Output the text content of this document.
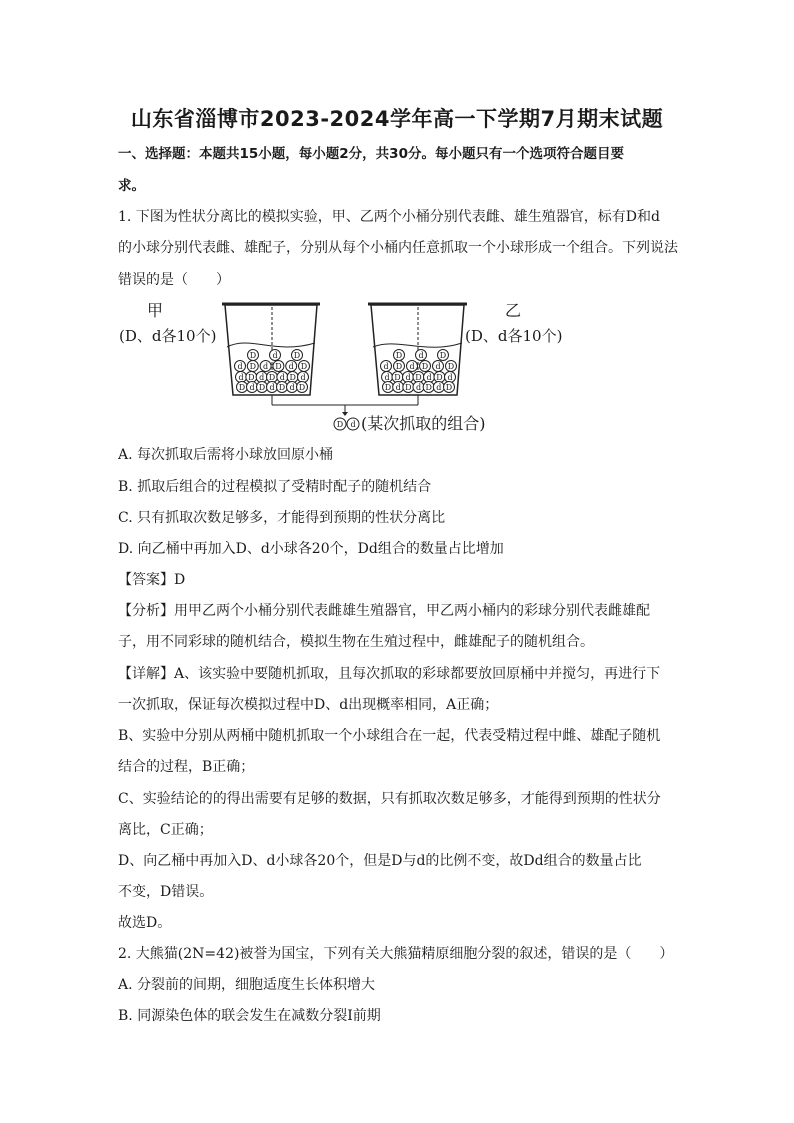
山东省淄博市2023-2024学年高一下学期7月期末试题
一、选择题：本题共15小题，每小题2分，共30分。每小题只有一个选项符合题目要
求。
1. 下图为性状分离比的模拟实验，甲、乙两个小桶分别代表雌、雄生殖器官，标有D和d
的小球分别代表雌、雄配子，分别从每个小桶内任意抓取一个小球形成一个组合。下列说法
错误的是（　　）
D d D
d D d D d D
d D d D d D d
D d D d D d D
D d D
d D d D d D
d D d D d D d
D d D d D d D
甲
(D、d各10个)
乙
(D、d各10个)
D d (某次抓取的组合)
A. 每次抓取后需将小球放回原小桶
B. 抓取后组合的过程模拟了受精时配子的随机结合
C. 只有抓取次数足够多，才能得到预期的性状分离比
D. 向乙桶中再加入D、d小球各20个，Dd组合的数量占比增加
【答案】D
【分析】用甲乙两个小桶分别代表雌雄生殖器官，甲乙两小桶内的彩球分别代表雌雄配
子，用不同彩球的随机结合，模拟生物在生殖过程中，雌雄配子的随机组合。
【详解】A、该实验中要随机抓取，且每次抓取的彩球都要放回原桶中并搅匀，再进行下
一次抓取，保证每次模拟过程中D、d出现概率相同，A正确；
B、实验中分别从两桶中随机抓取一个小球组合在一起，代表受精过程中雌、雄配子随机
结合的过程，B正确；
C、实验结论的的得出需要有足够的数据，只有抓取次数足够多，才能得到预期的性状分
离比，C正确；
D、向乙桶中再加入D、d小球各20个，但是D与d的比例不变，故Dd组合的数量占比
不变，D错误。
故选D。
2. 大熊猫(2N=42)被誉为国宝，下列有关大熊猫精原细胞分裂的叙述，错误的是（　　）
A. 分裂前的间期，细胞适度生长体积增大
B. 同源染色体的联会发生在减数分裂Ⅰ前期
